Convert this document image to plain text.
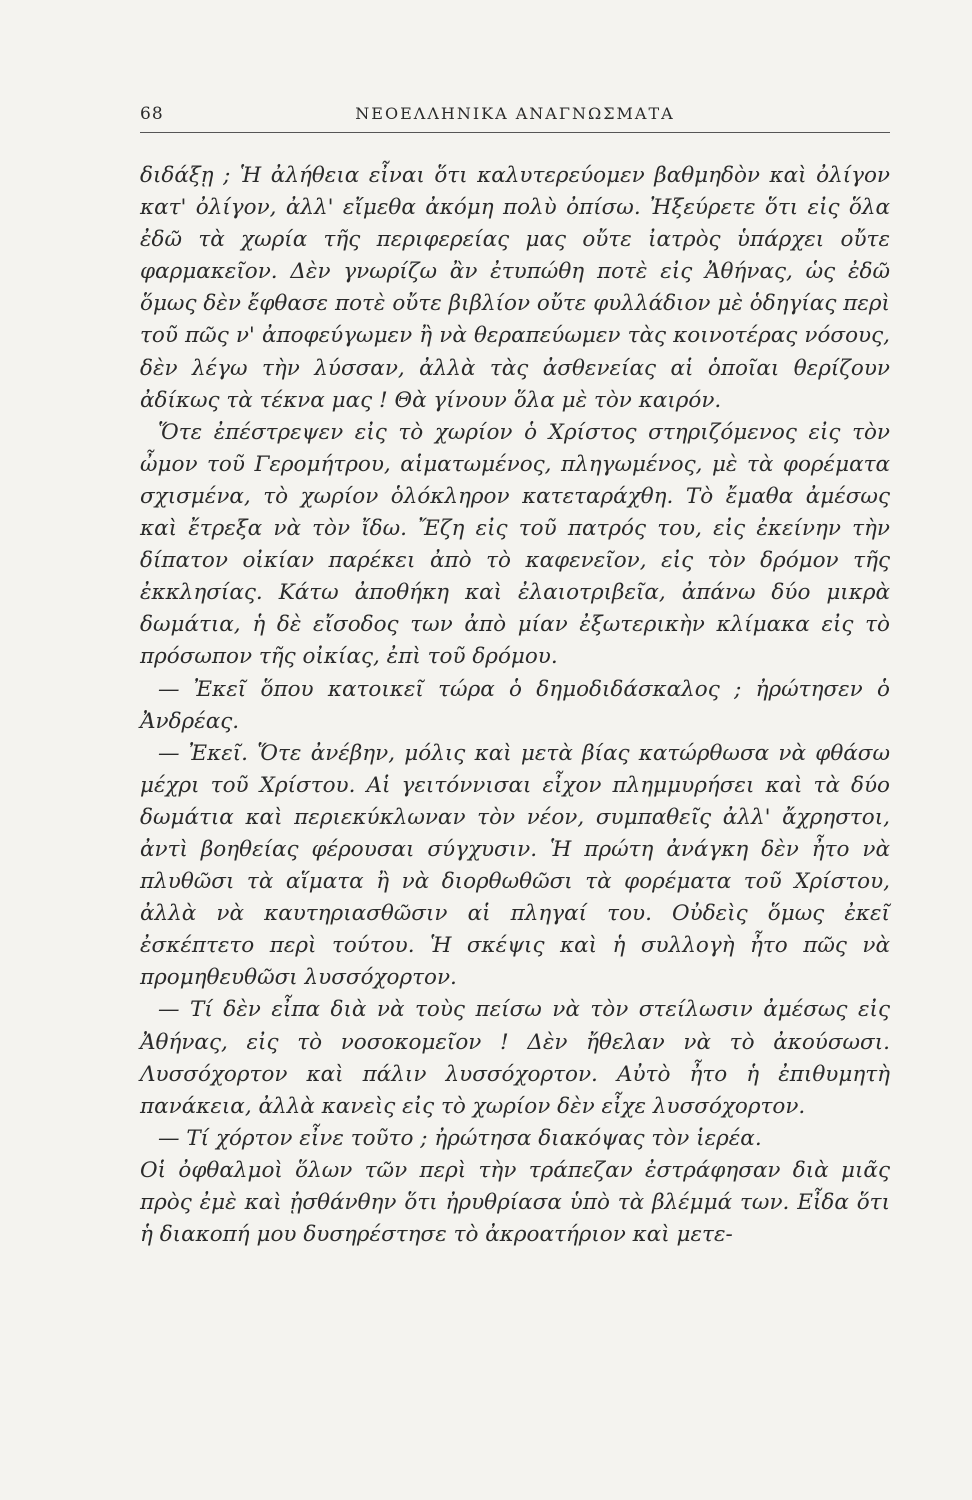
68	ΝΕΟΕΛΛΗΝΙΚΑ ΑΝΑΓΝΩΣΜΑΤΑ

διδάξῃ ; Ἡ ἀλήθεια εἶναι ὅτι καλυτερεύομεν βαθμηδὸν καὶ ὀλίγον κατ' ὀλίγον, ἀλλ' εἴμεθα ἀκόμη πολὺ ὀπίσω. Ἠξεύρετε ὅτι εἰς ὅλα ἐδῶ τὰ χωρία τῆς περιφερείας μας οὔτε ἰατρὸς ὑπάρχει οὔτε φαρμακεῖον. Δὲν γνωρίζω ἂν ἐτυπώθη ποτὲ εἰς Ἀθήνας, ὡς ἐδῶ ὅμως δὲν ἔφθασε ποτὲ οὔτε βιβλίον οὔτε φυλλάδιον μὲ ὁδηγίας περὶ τοῦ πῶς ν' ἀποφεύγωμεν ἢ νὰ θεραπεύωμεν τὰς κοινοτέρας νόσους, δὲν λέγω τὴν λύσσαν, ἀλλὰ τὰς ἀσθενείας αἱ ὁποῖαι θερίζουν ἀδίκως τὰ τέκνα μας ! Θὰ γίνουν ὅλα μὲ τὸν καιρόν.

Ὅτε ἐπέστρεψεν εἰς τὸ χωρίον ὁ Χρίστος στηριζόμενος εἰς τὸν ὦμον τοῦ Γερομήτρου, αἱματωμένος, πληγωμένος, μὲ τὰ φορέματα σχισμένα, τὸ χωρίον ὁλόκληρον κατεταράχθη. Τὸ ἔμαθα ἀμέσως καὶ ἔτρεξα νὰ τὸν ἴδω. Ἔζη εἰς τοῦ πατρός του, εἰς ἐκείνην τὴν δίπατον οἰκίαν παρέκει ἀπὸ τὸ καφενεῖον, εἰς τὸν δρόμον τῆς ἐκκλησίας. Κάτω ἀποθήκη καὶ ἐλαιοτριβεῖα, ἀπάνω δύο μικρὰ δωμάτια, ἡ δὲ εἴσοδος των ἀπὸ μίαν ἐξωτερικὴν κλίμακα εἰς τὸ πρόσωπον τῆς οἰκίας, ἐπὶ τοῦ δρόμου.

— Ἐκεῖ ὅπου κατοικεῖ τώρα ὁ δημοδιδάσκαλος ; ἠρώτησεν ὁ Ἀνδρέας.

— Ἐκεῖ. Ὅτε ἀνέβην, μόλις καὶ μετὰ βίας κατώρθωσα νὰ φθάσω μέχρι τοῦ Χρίστου. Αἱ γειτόννισαι εἶχον πλημμυρήσει καὶ τὰ δύο δωμάτια καὶ περιεκύκλωναν τὸν νέον, συμπαθεῖς ἀλλ' ἄχρηστοι, ἀντὶ βοηθείας φέρουσαι σύγχυσιν. Ἡ πρώτη ἀνάγκη δὲν ἦτο νὰ πλυθῶσι τὰ αἵματα ἢ νὰ διορθωθῶσι τὰ φορέματα τοῦ Χρίστου, ἀλλὰ νὰ καυτηριασθῶσιν αἱ πληγαί του. Οὐδεὶς ὅμως ἐκεῖ ἐσκέπτετο περὶ τούτου. Ἡ σκέψις καὶ ἡ συλλογὴ ἦτο πῶς νὰ προμηθευθῶσι λυσσόχορτον.

— Τί δὲν εἶπα διὰ νὰ τοὺς πείσω νὰ τὸν στείλωσιν ἀμέσως εἰς Ἀθήνας, εἰς τὸ νοσοκομεῖον ! Δὲν ἤθελαν νὰ τὸ ἀκούσωσι. Λυσσόχορτον καὶ πάλιν λυσσόχορτον. Αὐτὸ ἦτο ἡ ἐπιθυμητὴ πανάκεια, ἀλλὰ κανεὶς εἰς τὸ χωρίον δὲν εἶχε λυσσόχορτον.

— Τί χόρτον εἶνε τοῦτο ; ἠρώτησα διακόψας τὸν ἱερέα.

Οἱ ὀφθαλμοὶ ὅλων τῶν περὶ τὴν τράπεζαν ἐστράφησαν διὰ μιᾶς πρὸς ἐμὲ καὶ ᾐσθάνθην ὅτι ἠρυθρίασα ὑπὸ τὰ βλέμμά των. Εἶδα ὅτι ἡ διακοπή μου δυσηρέστησε τὸ ἀκροατήριον καὶ μετε-
